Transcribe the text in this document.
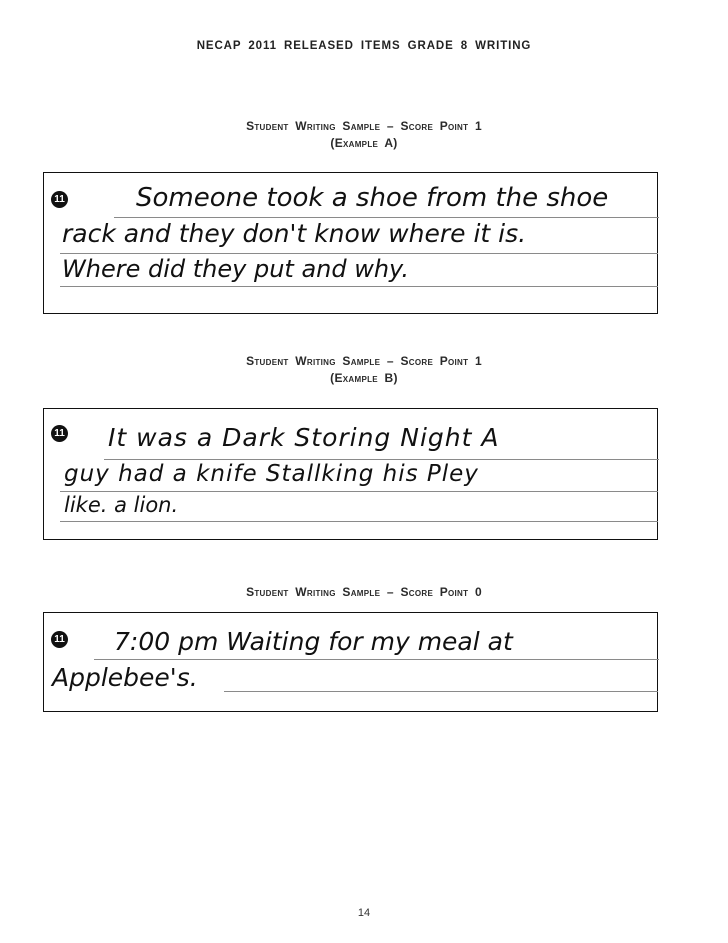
NECAP 2011 RELEASED ITEMS GRADE 8 WRITING
Student Writing Sample – Score Point 1
(Example A)
11	Someone took a shoe from the shoe
rack and they don't know where it is.
Where did they put and why.
Student Writing Sample – Score Point 1
(Example B)
11 It was a Dark Storing Night A
guy had a knife Stallking his Pley
like. a lion.
Student Writing Sample – Score Point 0
11 7:00 pm Waiting for my meal at
Applebee's.
14
